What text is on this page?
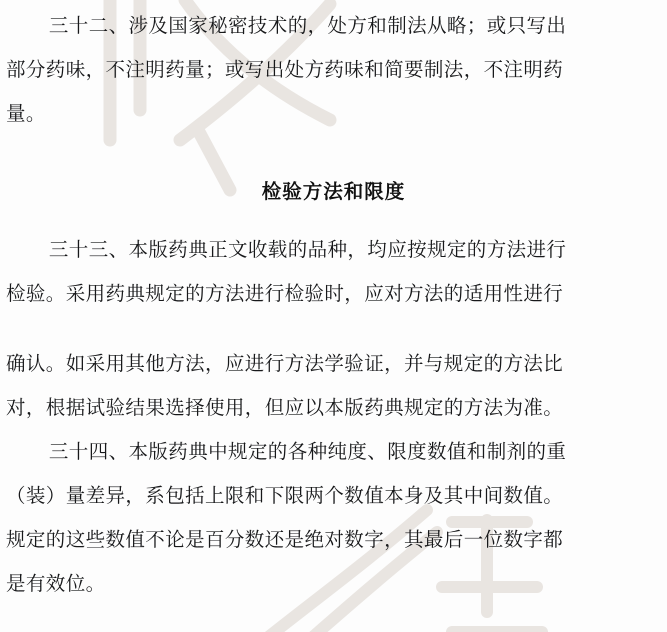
三十二、涉及国家秘密技术的，处方和制法从略；或只写出

部分药味，不注明药量；或写出处方药味和简要制法，不注明药

量。

检验方法和限度

三十三、本版药典正文收载的品种，均应按规定的方法进行

检验。采用药典规定的方法进行检验时，应对方法的适用性进行

确认。如采用其他方法，应进行方法学验证，并与规定的方法比

对，根据试验结果选择使用，但应以本版药典规定的方法为准。

三十四、本版药典中规定的各种纯度、限度数值和制剂的重

（装）量差异，系包括上限和下限两个数值本身及其中间数值。

规定的这些数值不论是百分数还是绝对数字，其最后一位数字都

是有效位。
